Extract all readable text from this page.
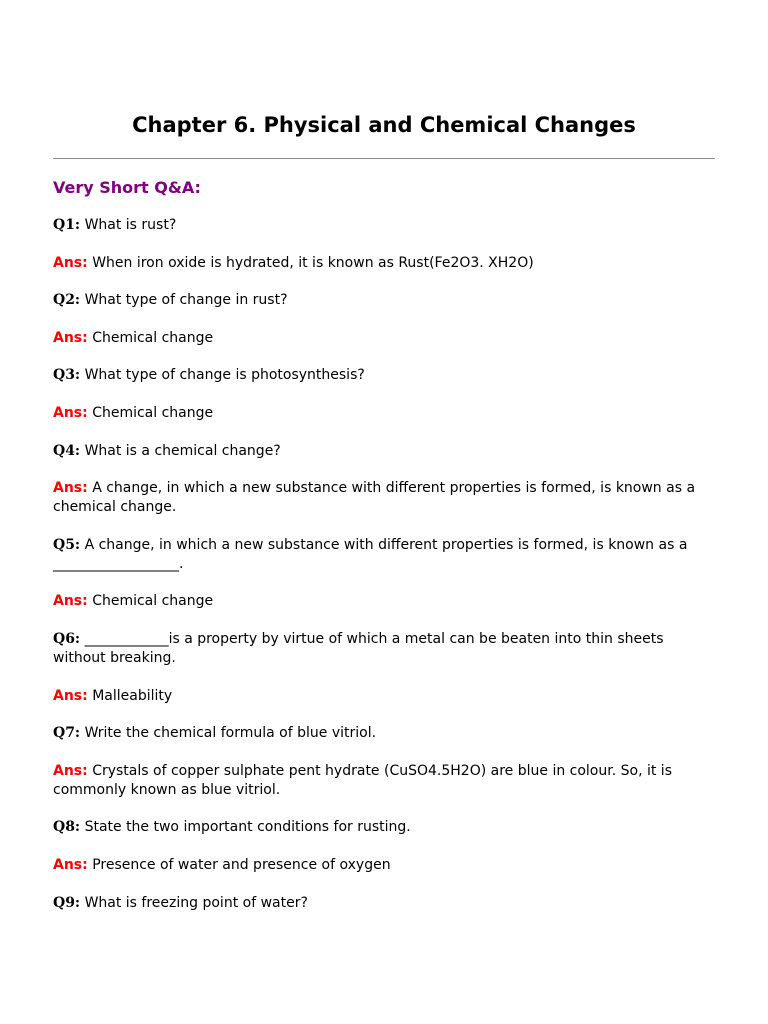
Chapter 6. Physical and Chemical Changes
Very Short Q&A:
Q1: What is rust?
Ans: When iron oxide is hydrated, it is known as Rust(Fe2O3. XH2O)
Q2: What type of change in rust?
Ans: Chemical change
Q3: What type of change is photosynthesis?
Ans: Chemical change
Q4: What is a chemical change?
Ans: A change, in which a new substance with different properties is formed, is known as a chemical change.
Q5: A change, in which a new substance with different properties is formed, is known as a __________________.
Ans: Chemical change
Q6: ____________is a property by virtue of which a metal can be beaten into thin sheets without breaking.
Ans: Malleability
Q7: Write the chemical formula of blue vitriol.
Ans: Crystals of copper sulphate pent hydrate (CuSO4.5H2O) are blue in colour. So, it is commonly known as blue vitriol.
Q8: State the two important conditions for rusting.
Ans: Presence of water and presence of oxygen
Q9: What is freezing point of water?
